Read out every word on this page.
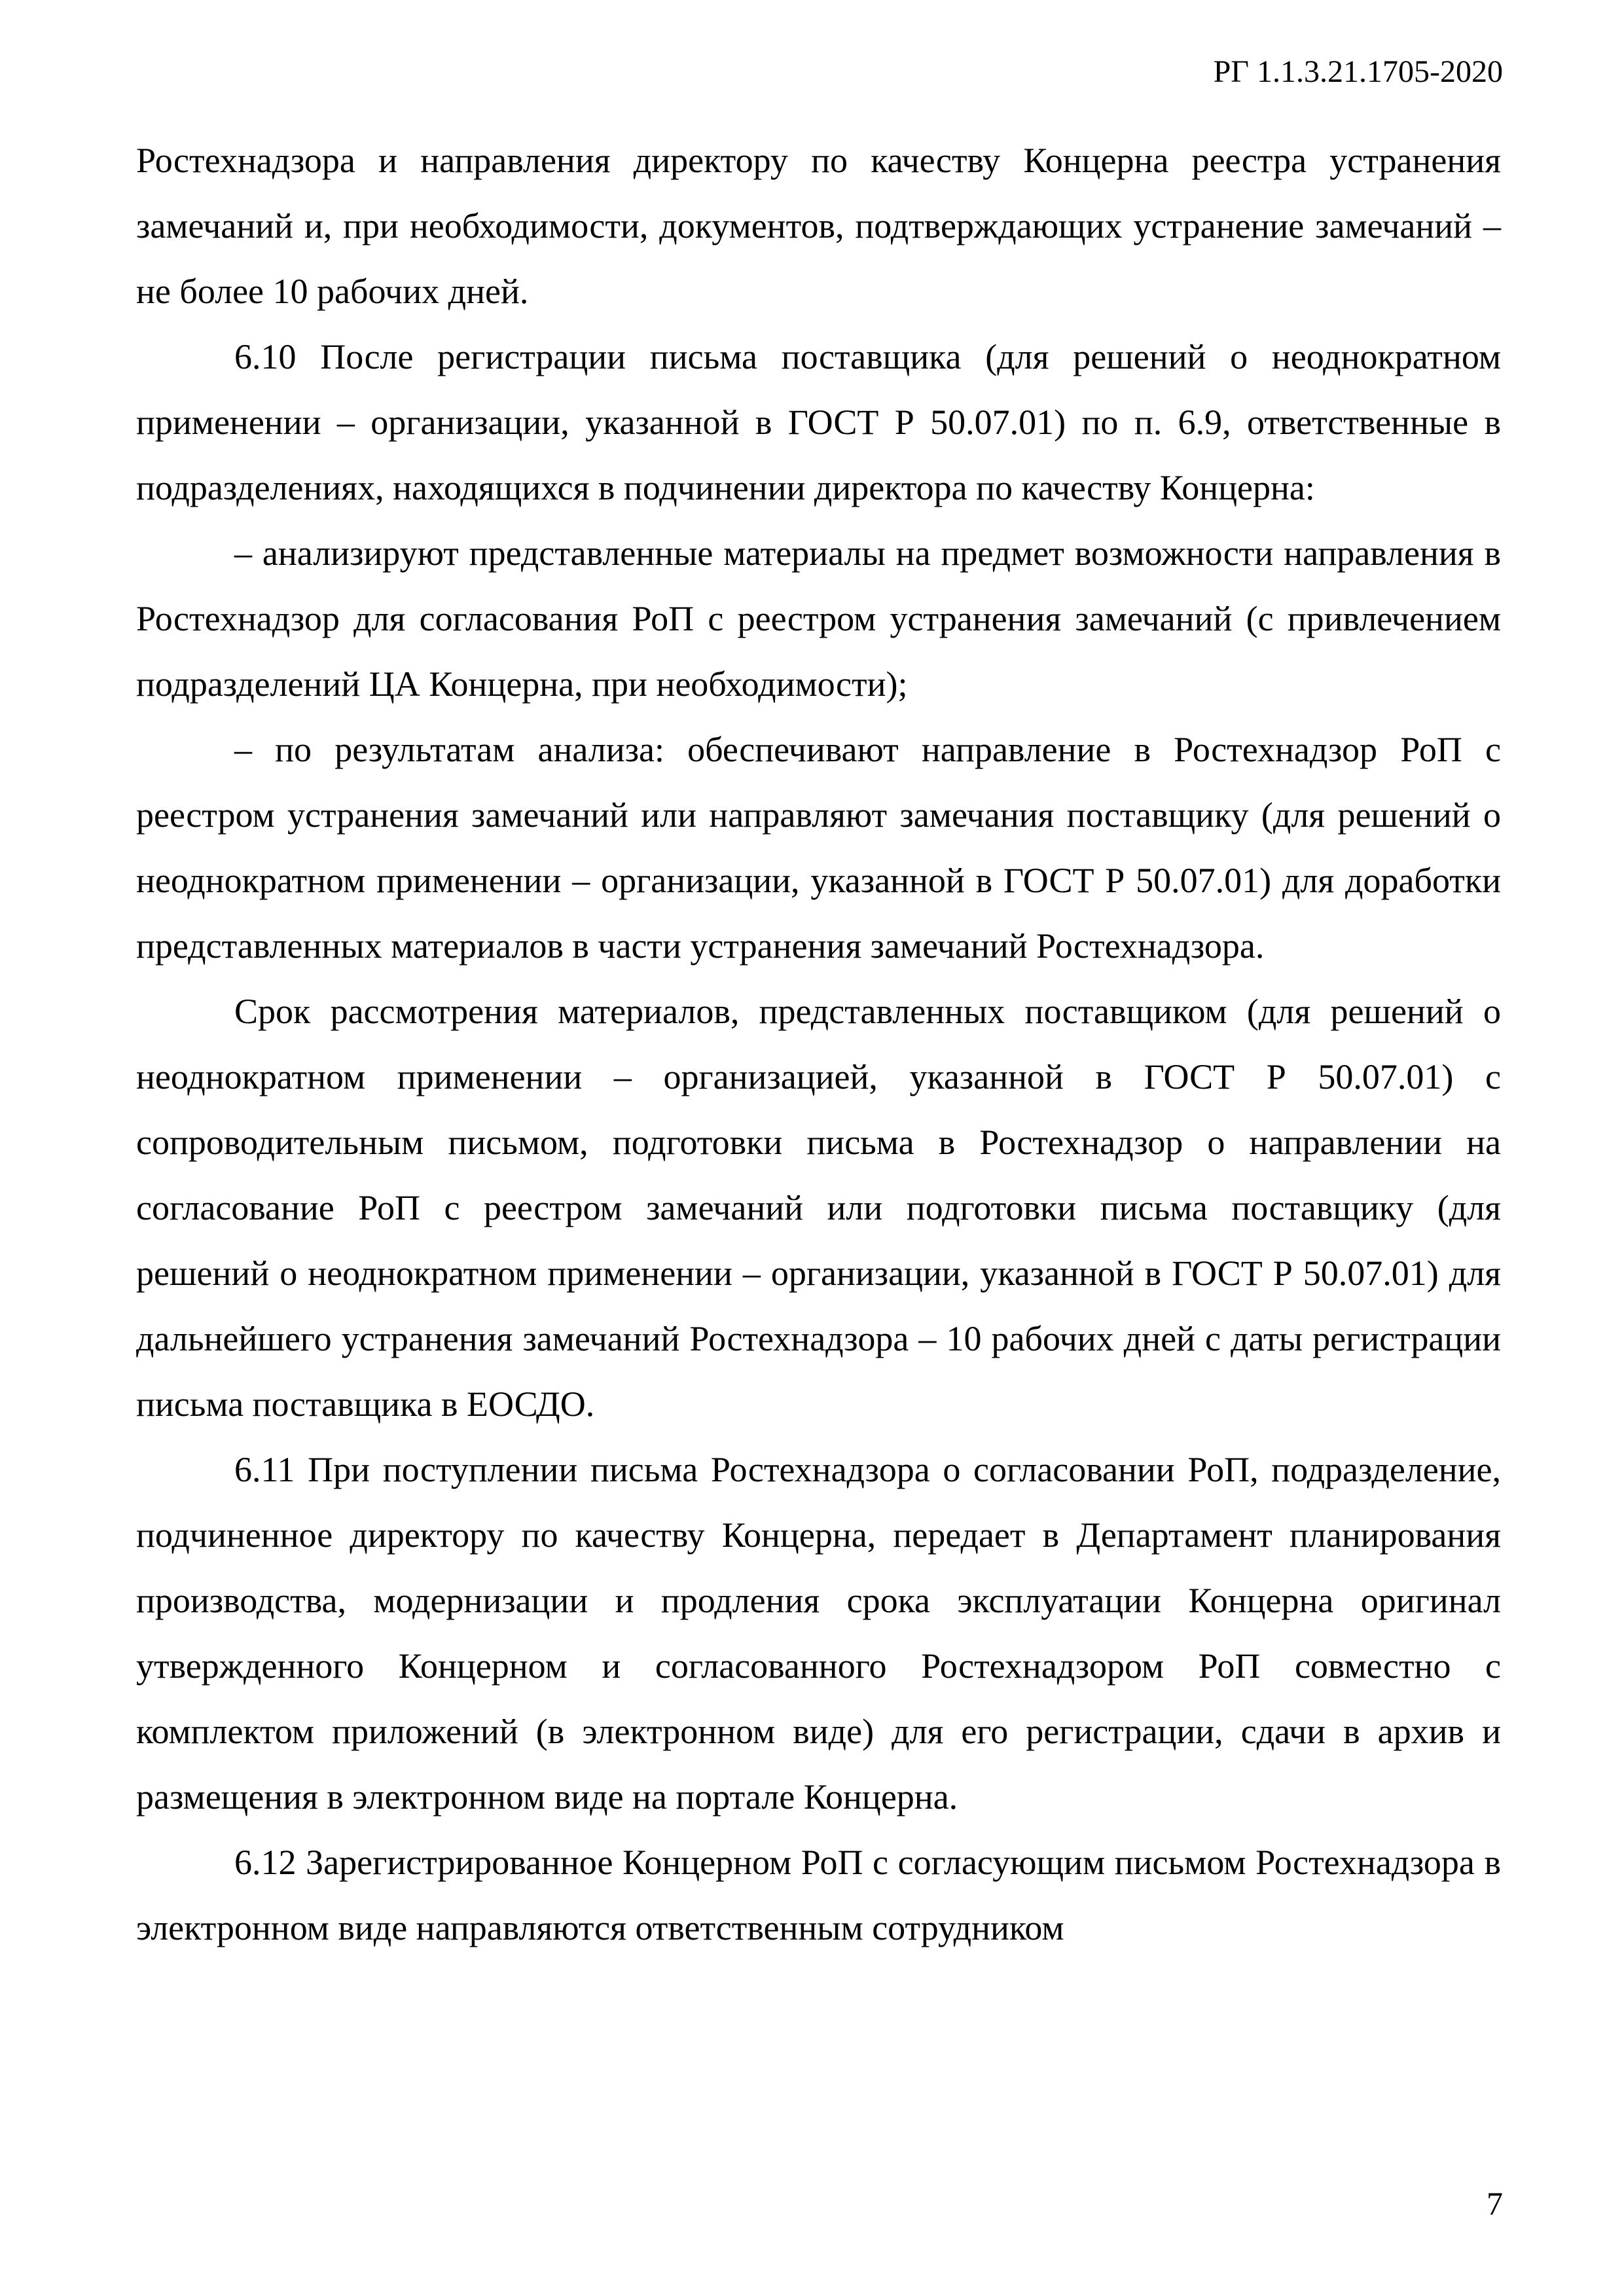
РГ 1.1.3.21.1705-2020

Ростехнадзора и направления директору по качеству Концерна реестра устранения замечаний и, при необходимости, документов, подтверждающих устранение замечаний – не более 10 рабочих дней.

6.10 После регистрации письма поставщика (для решений о неоднократном применении – организации, указанной в ГОСТ Р 50.07.01) по п. 6.9, ответственные в подразделениях, находящихся в подчинении директора по качеству Концерна:

– анализируют представленные материалы на предмет возможности направления в Ростехнадзор для согласования РоП с реестром устранения замечаний (с привлечением подразделений ЦА Концерна, при необходимости);

– по результатам анализа: обеспечивают направление в Ростехнадзор РоП с реестром устранения замечаний или направляют замечания поставщику (для решений о неоднократном применении – организации, указанной в ГОСТ Р 50.07.01) для доработки представленных материалов в части устранения замечаний Ростехнадзора.

Срок рассмотрения материалов, представленных поставщиком (для решений о неоднократном применении – организацией, указанной в ГОСТ Р 50.07.01) с сопроводительным письмом, подготовки письма в Ростехнадзор о направлении на согласование РоП с реестром замечаний или подготовки письма поставщику (для решений о неоднократном применении – организации, указанной в ГОСТ Р 50.07.01) для дальнейшего устранения замечаний Ростехнадзора – 10 рабочих дней с даты регистрации письма поставщика в ЕОСДО.

6.11 При поступлении письма Ростехнадзора о согласовании РоП, подразделение, подчиненное директору по качеству Концерна, передает в Департамент планирования производства, модернизации и продления срока эксплуатации Концерна оригинал утвержденного Концерном и согласованного Ростехнадзором РоП совместно с комплектом приложений (в электронном виде) для его регистрации, сдачи в архив и размещения в электронном виде на портале Концерна.

6.12 Зарегистрированное Концерном РоП с согласующим письмом Ростехнадзора в электронном виде направляются ответственным сотрудником

7
